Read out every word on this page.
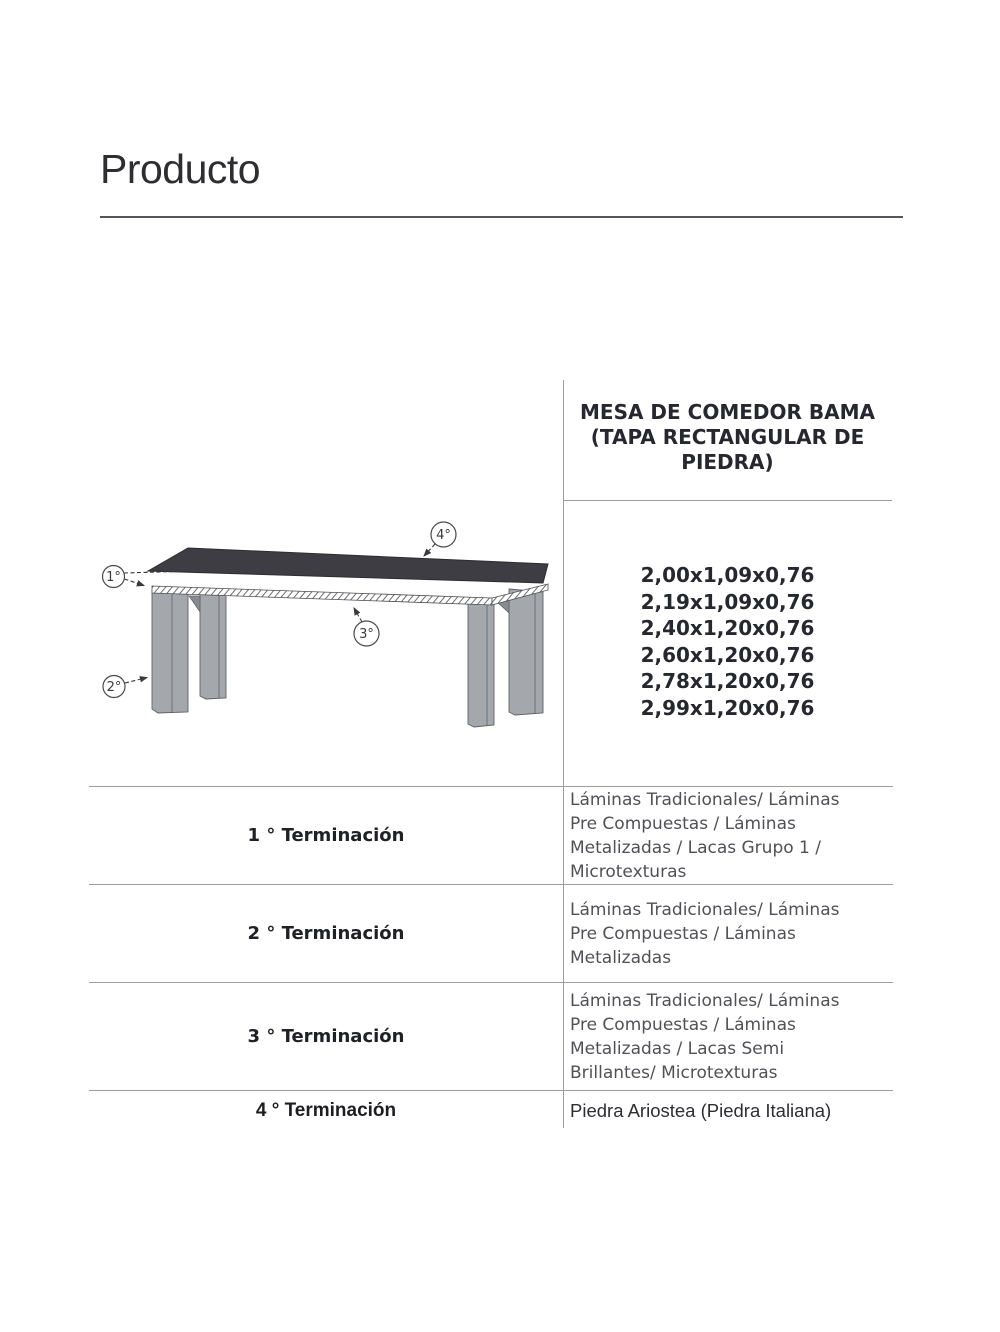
Producto
1°
2°
3°
4°
MESA DE COMEDOR BAMA (TAPA RECTANGULAR DE PIEDRA)
2,00x1,09x0,76
2,19x1,09x0,76
2,40x1,20x0,76
2,60x1,20x0,76
2,78x1,20x0,76
2,99x1,20x0,76
1 ° Terminación
Láminas Tradicionales/ Láminas Pre Compuestas / Láminas Metalizadas / Lacas Grupo 1 / Microtexturas
2 ° Terminación
Láminas Tradicionales/ Láminas Pre Compuestas / Láminas Metalizadas
3 ° Terminación
Láminas Tradicionales/ Láminas Pre Compuestas / Láminas Metalizadas / Lacas Semi Brillantes/ Microtexturas
4 ° Terminación	Piedra Ariostea (Piedra Italiana)
